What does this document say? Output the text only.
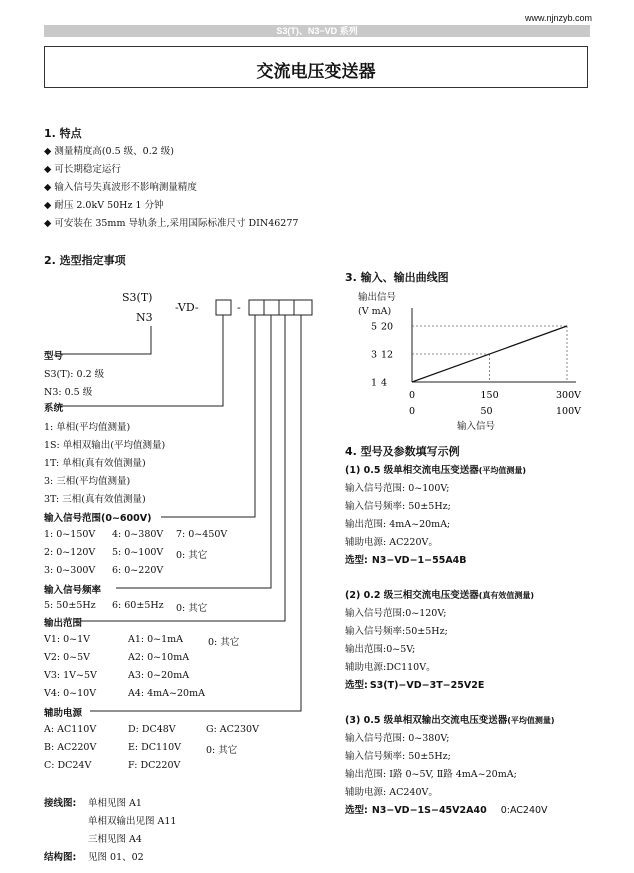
www.njnzyb.com
S3(T)、N3−VD 系列
交流电压变送器
1. 特点
◆ 测量精度高(0.5 级、0.2 级)
◆ 可长期稳定运行
◆ 输入信号失真波形不影响测量精度
◆ 耐压 2.0kV 50Hz 1 分钟
◆ 可安装在 35mm 导轨条上,采用国际标准尺寸 DIN46277
2. 选型指定事项
S3(T)
N3
-VD-	-
型号
S3(T): 0.2 级
N3: 0.5 级
系统
1: 单相(平均值测量)
1S: 单相双输出(平均值测量)
1T: 单相(真有效值测量)
3: 三相(平均值测量)
3T: 三相(真有效值测量)
输入信号范围(0~600V)
1: 0~150V 4: 0~380V 7: 0~450V
2: 0~120V 5: 0~100V 0: 其它
3: 0~300V 6: 0~220V
输入信号频率
5: 50±5Hz 6: 60±5Hz 0: 其它
输出范围
V1: 0~1V	A1: 0~1mA	0: 其它
V2: 0~5V	A2: 0~10mA
V3: 1V~5V	A3: 0~20mA
V4: 0~10V	A4: 4mA~20mA
辅助电源
A: AC110V	D: DC48V	G: AC230V
B: AC220V	E: DC110V	0: 其它
C: DC24V	F: DC220V
接线图: 单相见图 A1
单相双输出见图 A11
三相见图 A4
结构图: 见图 01、02
3. 输入、输出曲线图
输出信号
(V mA)
1 4
3 12
5 20
0	150	300V
0	50	100V
输入信号
4. 型号及参数填写示例
(1) 0.5 级单相交流电压变送器(平均值测量)
输入信号范围: 0~100V;
输入信号频率: 50±5Hz;
输出范围: 4mA~20mA;
辅助电源: AC220V。
选型: N3−VD−1−55A4B
(2) 0.2 级三相交流电压变送器(真有效值测量)
输入信号范围:0~120V;
输入信号频率:50±5Hz;
输出范围:0~5V;
辅助电源:DC110V。
选型: S3(T)−VD−3T−25V2E
(3) 0.5 级单相双输出交流电压变送器(平均值测量)
输入信号范围: 0~380V;
输入信号频率: 50±5Hz;
输出范围: Ⅰ路 0~5V, Ⅱ路 4mA~20mA;
辅助电源: AC240V。
选型: N3−VD−1S−45V2A40 0:AC240V
